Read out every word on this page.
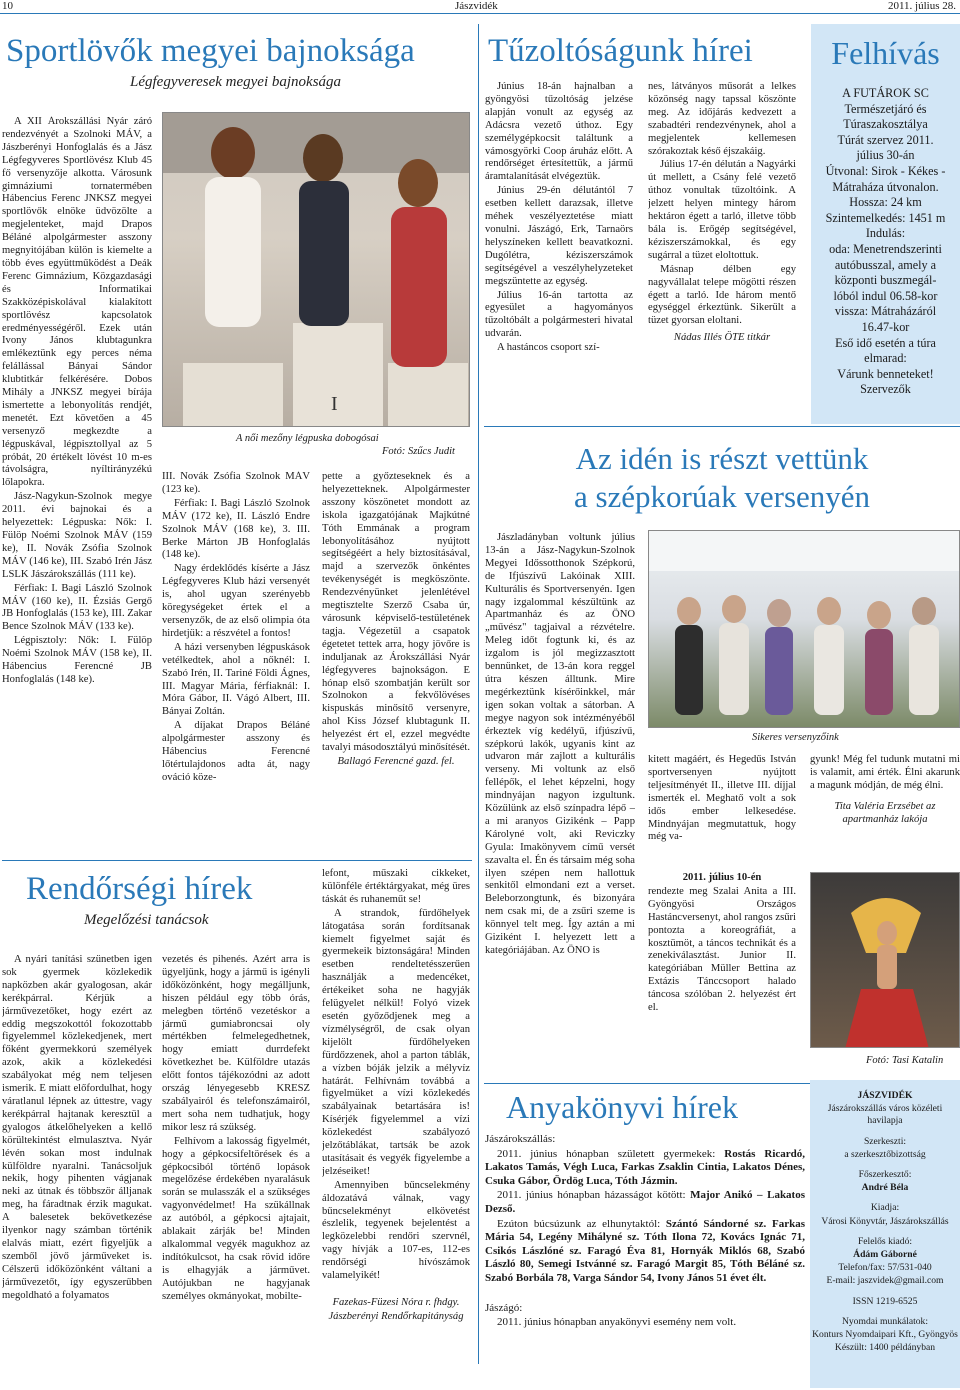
10	Jászvidék	2011. július 28.
Sportlövők megyei bajnoksága
Légfegyveresek megyei bajnoksága

A XII Árokszállási Nyár záró rendezvényét a Szolnoki MÁV, a Jászberényi Honfoglalás és a Jász Légfegyveres Sportlövész Klub 45 fő versenyzője alkotta. Városunk gimnáziumi tornatermében Hábencius Ferenc JNKSZ megyei sportlövők elnöke üdvözölte a megjelenteket, majd Drapos Béláné alpolgármester asszony megnyitójában külön is kiemelte a több éves együttműködést a Deák Ferenc Gimnázium, Közgazdasági és Informatikai Szakközépiskolával kialakított sportlövész kapcsolatok eredményességéről. Ezek után Ivony János klubtagunkra emlékeztünk egy perces néma felállással Bányai Sándor klubtitkár felkérésére. Dobos Mihály a JNKSZ megyei bírája ismertette a lebonyolítás rendjét, menetét. Ezt követően a 45 versenyző megkezdte a légpuskával, légpisztollyal az 5 próbát, 20 értékelt lövést 10 m-es távolságra, nyíltirányzékú lőlapokra.

Jász-Nagykun-Szolnok megye 2011. évi bajnokai és a helyezettek: Légpuska: Nők: I. Fülöp Noémi Szolnok MÁV (159 ke), II. Novák Zsófia Szolnok MÁV (146 ke), III. Szabó Irén Jász LSLK Jászárokszállás (111 ke).

Férfiak: I. Bagi László Szolnok MÁV (160 ke), II. Ézsiás Gergő JB Honfoglalás (153 ke), III. Zakar Bence Szolnok MÁV (133 ke).

Légpisztoly: Nők: I. Fülöp Noémi Szolnok MÁV (158 ke), II. Hábencius Ferencné JB Honfoglalás (148 ke).

I
A női mezőny légpuska dobogósai
Fotó: Szűcs Judit

III. Novák Zsófia Szolnok MÁV (123 ke).

Férfiak: I. Bagi László Szolnok MÁV (172 ke), II. László Endre Szolnok MÁV (168 ke), 3. III. Berke Márton JB Honfoglalás (148 ke).

Nagy érdeklődés kísérte a Jász Légfegyveres Klub házi versenyét is, ahol ugyan szerényebb köregységeket értek el a versenyzők, de az első olimpia óta hirdetjük: a részvétel a fontos!

A házi versenyben légpuskások vetélkedtek, ahol a nőknél: I. Szabó Irén, II. Tariné Földi Ágnes, III. Magyar Mária, férfiaknál: I. Móra Gábor, II. Vágó Albert, III. Bányai Zoltán.

A díjakat Drapos Béláné alpolgármester asszony és Hábencius Ferencné lőtértulajdonos adta át, nagy ováció köze-

pette a győzteseknek és a helyezetteknek. Alpolgármester asszony köszönetet mondott az iskola igazgatójának Majkútné Tóth Emmának a program lebonyolításához nyújtott segítségéért a hely biztosításával, majd a szervezők önkéntes tevékenységét is megköszönte. Rendezvényünket jelenlétével megtisztelte Szerző Csaba úr, városunk képviselő-testületének tagja. Végezetül a csapatok égetetet tettek arra, hogy jövőre is induljanak az Árokszállási Nyár légfegyveres bajnokságon. E hónap első szombatján került sor Szolnokon a fekvőlövéses kispuskás minősítő versenyre, ahol Kiss József klubtagunk II. helyezést ért el, ezzel megvédte tavalyi másodosztályú minősítését.

Ballagó Ferencné gazd. fel.

Tűzoltóságunk hírei

Június 18-án hajnalban a gyöngyösi tűzoltóság jelzése alapján vonult az egység az Adácsra vezető úthoz. Egy személygépkocsit találtunk a vámosgyörki Coop áruház előtt. A rendőrséget értesítettük, a jármű áramtalanítását elvégeztük.

Június 29-én délutántól 7 esetben kellett darazsak, illetve méhek veszélyeztetése miatt vonulni. Jászágó, Erk, Tarnaörs helyszíneken kellett beavatkozni. Dugólétra, kéziszerszámok segítségével a veszélyhelyzeteket megszüntette az egység.

Július 16-án tartotta az egyesület a hagyományos tűzoltóbált a polgármesteri hivatal udvarán.

A hastáncos csoport szí-

nes, látványos műsorát a lelkes közönség nagy tapssal köszönte meg. Az időjárás kedvezett a szabadtéri rendezvénynek, ahol a megjelentek kellemesen szórakoztak késő éjszakáig.

Július 17-én délután a Nagyárki út mellett, a Csány felé vezető úthoz vonultak tűzoltóink. A jelzett helyen mintegy három hektáron égett a tarló, illetve több bála is. Erőgép segítségével, kéziszerszámokkal, és egy sugárral a tüzet eloltottuk.

Másnap délben egy nagyvállalat telepe mögötti részen égett a tarló. Ide három mentő egységgel érkeztünk. Sikerült a tüzet gyorsan eloltani.

Nádas Illés ÖTE titkár

Felhívás
A FUTÁROK SC
Természetjáró és
Túraszakosztálya
Túrát szervez 2011.
július 30-án
Útvonal: Sirok - Kékes -
Mátraháza útvonalon.
Hossza: 24 km
Szintemelkedés: 1451 m
Indulás:
oda: Menetrendszerinti
autóbusszal, amely a
központi buszmegál-
lóból indul 06.58-kor
vissza: Mátraházáról
16.47-kor
Eső idő esetén a túra
elmarad:
Várunk benneteket!
Szervezők
Az idén is részt vettünk
a szépkorúak versenyén

Jászladányban voltunk július 13-án a Jász-Nagykun-Szolnok Megyei Időssotthonok Szépkorú, de Ifjúszívű Lakóinak XIII. Kulturális és Sportversenyén. Igen nagy izgalommal készültünk az Apartmanház és az ÖNO „művész" tagjaival a rézvételre. Meleg időt fogtunk ki, és az izgalom is jól megizzasztott bennünket, de 13-án kora reggel útra készen álltunk. Mire megérkeztünk kísérőinkkel, már igen sokan voltak a sátorban. A megye nagyon sok intézményéből érkeztek víg kedélyű, ifjúszívű, szépkorú lakók, ugyanis kint az udvaron már zajlott a kulturális verseny. Mi voltunk az első fellépők, el lehet képzelni, hogy mindnyájan nagyon izgultunk. Közülünk az első színpadra lépő – a mi aranyos Gizikénk – Papp Károlyné volt, aki Reviczky Gyula: Imakönyvem című versét szavalta el. Én és társaim még soha ilyen szépen nem hallottuk senkitől elmondani ezt a verset. Beleborzongtunk, és bizonyára nem csak mi, de a zsűri szeme is könnyel telt meg. Így aztán a mi Giziként I. helyezett lett a kategóriájában. Az ÖNO is

Sikeres versenyzőink

kitett magáért, és Hegedűs István sportversenyen nyújtott teljesítményét II., illetve III. díjjal ismerték el. Meghatő volt a sok idős ember lelkesedése. Mindnyájan megmutattuk, hogy még va-

gyunk! Még fel tudunk mutatni mi is valamit, ami érték. Élni akarunk a magunk módján, de még élni.

Tita Valéria Erzsébet az apartmanház lakója

2011. július 10-én

rendezte meg Szalai Anita a III. Gyöngyösi Országos Hastáncversenyt, ahol rangos zsűri pontozta a koreográfiát, a kosztümöt, a táncos technikát és a zenekiválasztást. Junior II. kategóriában Müller Bettina az Extázis Tánccsoport halado táncosa szólóban 2. helyezést ért el.

Fotó: Tasi Katalin
Anyakönyvi hírek

Jászárokszállás:

2011. június hónapban született gyermekek: Rostás Ricardó, Lakatos Tamás, Végh Luca, Farkas Zsaklin Cintia, Lakatos Dénes, Csuka Gábor, Ördög Luca, Tóth Jázmin.

2011. június hónapban házasságot kötött: Major Anikó – Lakatos Dezső.

Ezúton búcsúzunk az elhunytaktól: Szántó Sándorné sz. Farkas Mária 54, Legény Mihályné sz. Tóth Ilona 72, Kovács Ignác 71, Csikós Lászlóné sz. Faragó Éva 81, Hornyák Miklós 68, Szabó László 80, Semegi Istvánné sz. Faragó Margit 85, Tóth Béláné sz. Szabó Borbála 78, Varga Sándor 54, Ivony János 51 évet élt.

Jászágó:

2011. június hónapban anyakönyvi esemény nem volt.

JÁSZVIDÉK

Jászárokszállás város közéleti havilapja

Szerkeszti:

a szerkesztőbizottság

Főszerkesztő:

André Béla

Kiadja:

Városi Könyvtár, Jászárokszállás

Felelős kiadó:

Ádám Gáborné

Telefon/fax: 57/531-040

E-mail: jaszvidek@gmail.com

ISSN 1219-6525

Nyomdai munkálatok:

Konturs Nyomdaipari Kft., Gyöngyös

Készült: 1400 példányban

Rendőrségi hírek
Megelőzési tanácsok

A nyári tanítási szünetben igen sok gyermek közlekedik napközben akár gyalogosan, akár kerékpárral. Kérjük a járművezetőket, hogy ezért az eddig megszokottól fokozottabb figyelemmel közlekedjenek, mert főként gyermekkorú személyek azok, akik a közlekedési szabályokat még nem teljesen ismerik. E miatt előfordulhat, hogy váratlanul lépnek az úttestre, vagy kerékpárral hajtanak keresztül a gyalogos átkelőhelyeken a kellő körültekintést elmulasztva. Nyár lévén sokan most indulnak külföldre nyaralni. Tanácsoljuk nekik, hogy pihenten vágjanak neki az útnak és többször álljanak meg, ha fáradtnak érzik magukat. A balesetek bekövetkezése ilyenkor nagy számban történik elalvás miatt, ezért figyeljük a szemből jövő járműveket is. Célszerű időközönként váltani a járművezetőt, így egyszerűbben megoldható a folyamatos

vezetés és pihenés. Azért arra is ügyeljünk, hogy a jármű is igényli időközönként, hogy megálljunk, hiszen például egy több órás, melegben történő vezetéskor a jármű gumiabroncsai oly mértékben felmelegedhetnek, hogy emiatt durrdefekt következhet be. Külföldre utazás előtt fontos tájékozódni az adott ország lényegesebb KRESZ szabályairól és telefonszámairól, mert soha nem tudhatjuk, hogy mikor lesz rá szükség.

Felhívom a lakosság figyelmét, hogy a gépkocsifeltörések és a gépkocsiból történő lopások megelőzése érdekében nyaralásuk során se mulasszák el a szükséges vagyonvédelmet! Ha szükállnak az autóból, a gépkocsi ajtajait, ablakait zárják be! Minden alkalommal vegyék magukhoz az indítókulcsot, ha csak rövid időre is elhagyják a járművet. Autójukban ne hagyjanak személyes okmányokat, mobilte-

lefont, műszaki cikkeket, különféle értéktárgyakat, még üres táskát és ruhaneműt se!

A strandok, fürdőhelyek látogatása során fordítsanak kiemelt figyelmet saját és gyermekeik biztonságára! Minden esetben rendeltetésszerűen használják a medencéket, értékeiket soha ne hagyják felügyelet nélkül! Folyó vizek esetén győződjenek meg a vízmélységről, de csak olyan kijelölt fürdőhelyeken fürdőzzenek, ahol a parton táblák, a vízben bóják jelzik a mélyvíz határát. Felhívnám továbbá a figyelmüket a vízi közlekedés szabályainak betartására is! Kísérjék figyelemmel a vízi közlekedést szabályozó jelzőtáblákat, tartsák be azok utasításait és vegyék figyelembe a jelzéseiket!

Amennyiben bűncselekmény áldozatává válnak, vagy bűncselekményt elkövetést észlelik, tegyenek bejelentést a legközelebbi rendőri szervnél, vagy hívják a 107-es, 112-es rendőrségi hívószámok valamelyikét!

Fazekas-Füzesi Nóra r. fhdgy.

Jászberényi Rendőrkapitányság
